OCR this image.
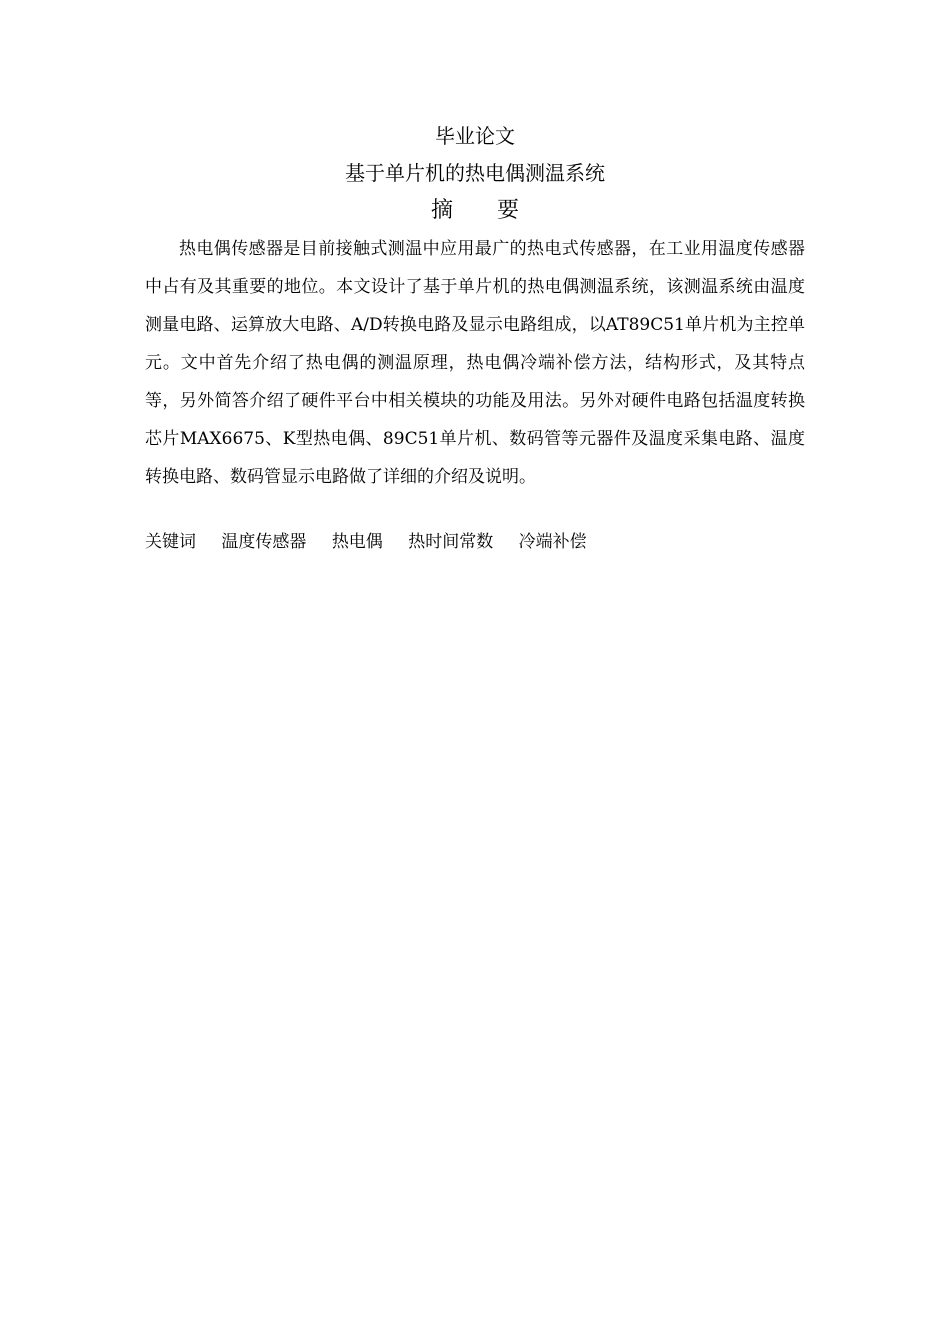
毕业论文
基于单片机的热电偶测温系统
摘要

热电偶传感器是目前接触式测温中应用最广的热电式传感器，在工业用温度传感器中占有及其重要的地位。本文设计了基于单片机的热电偶测温系统，该测温系统由温度测量电路、运算放大电路、A/D转换电路及显示电路组成，以AT89C51单片机为主控单元。文中首先介绍了热电偶的测温原理，热电偶冷端补偿方法，结构形式，及其特点等，另外简答介绍了硬件平台中相关模块的功能及用法。另外对硬件电路包括温度转换芯片MAX6675、K型热电偶、89C51单片机、数码管等元器件及温度采集电路、温度转换电路、数码管显示电路做了详细的介绍及说明。

关键词 温度传感器 热电偶 热时间常数 冷端补偿
